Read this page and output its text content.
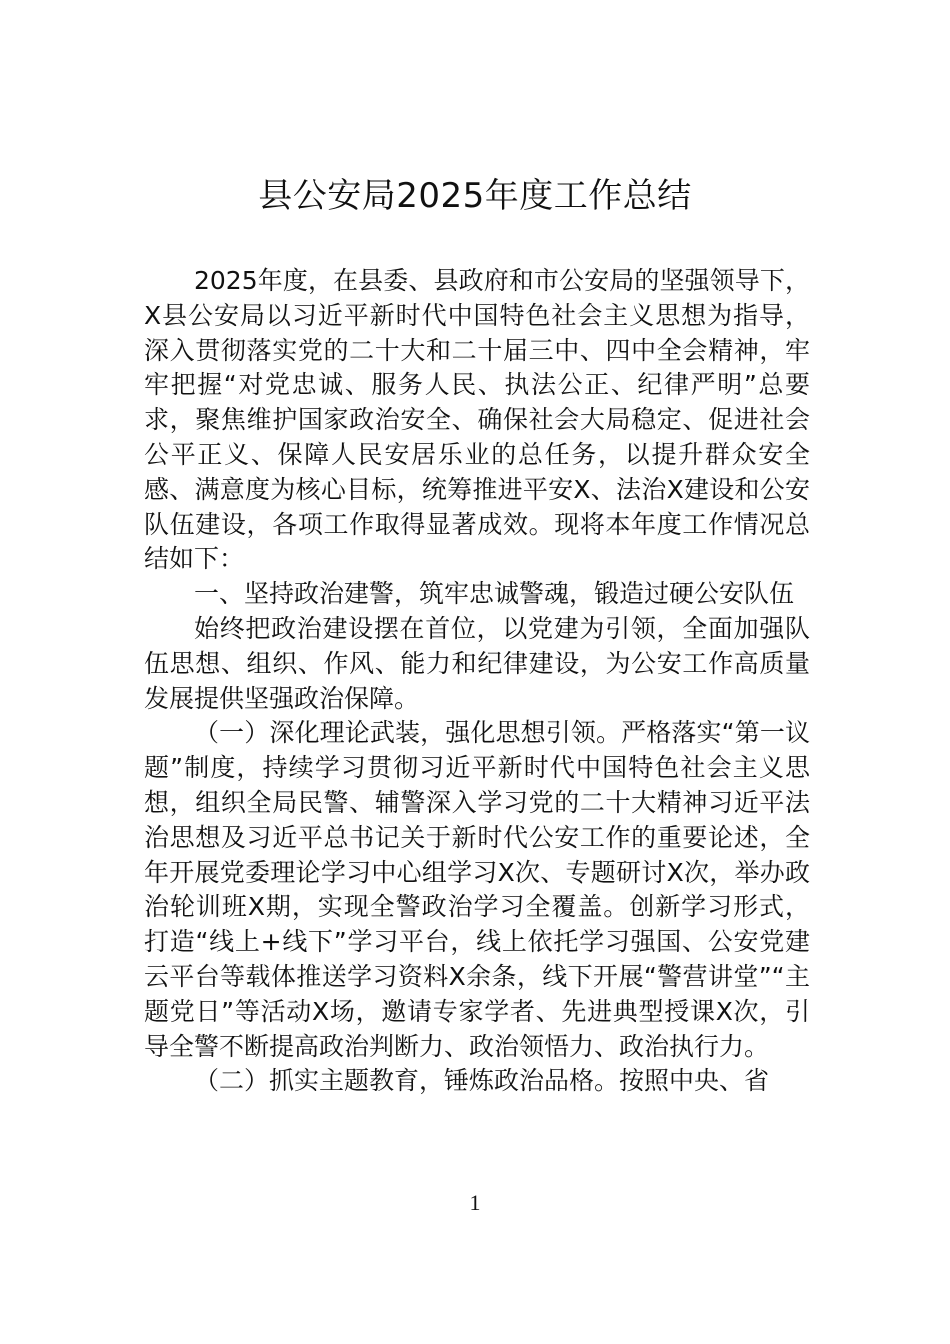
县公安局2025年度工作总结

2025年度，在县委、县政府和市公安局的坚强领导下，X县公安局以习近平新时代中国特色社会主义思想为指导，深入贯彻落实党的二十大和二十届三中、四中全会精神，牢牢把握“对党忠诚、服务人民、执法公正、纪律严明”总要求，聚焦维护国家政治安全、确保社会大局稳定、促进社会公平正义、保障人民安居乐业的总任务，以提升群众安全感、满意度为核心目标，统筹推进平安X、法治X建设和公安队伍建设，各项工作取得显著成效。现将本年度工作情况总结如下：

一、坚持政治建警，筑牢忠诚警魂，锻造过硬公安队伍

始终把政治建设摆在首位，以党建为引领，全面加强队伍思想、组织、作风、能力和纪律建设，为公安工作高质量发展提供坚强政治保障。

（一）深化理论武装，强化思想引领。严格落实“第一议题”制度，持续学习贯彻习近平新时代中国特色社会主义思想，组织全局民警、辅警深入学习党的二十大精神习近平法治思想及习近平总书记关于新时代公安工作的重要论述，全年开展党委理论学习中心组学习X次、专题研讨X次，举办政治轮训班X期，实现全警政治学习全覆盖。创新学习形式，打造“线上+线下”学习平台，线上依托学习强国、公安党建云平台等载体推送学习资料X余条，线下开展“警营讲堂”“主题党日”等活动X场，邀请专家学者、先进典型授课X次，引导全警不断提高政治判断力、政治领悟力、政治执行力。

（二）抓实主题教育，锤炼政治品格。按照中央、省

1
